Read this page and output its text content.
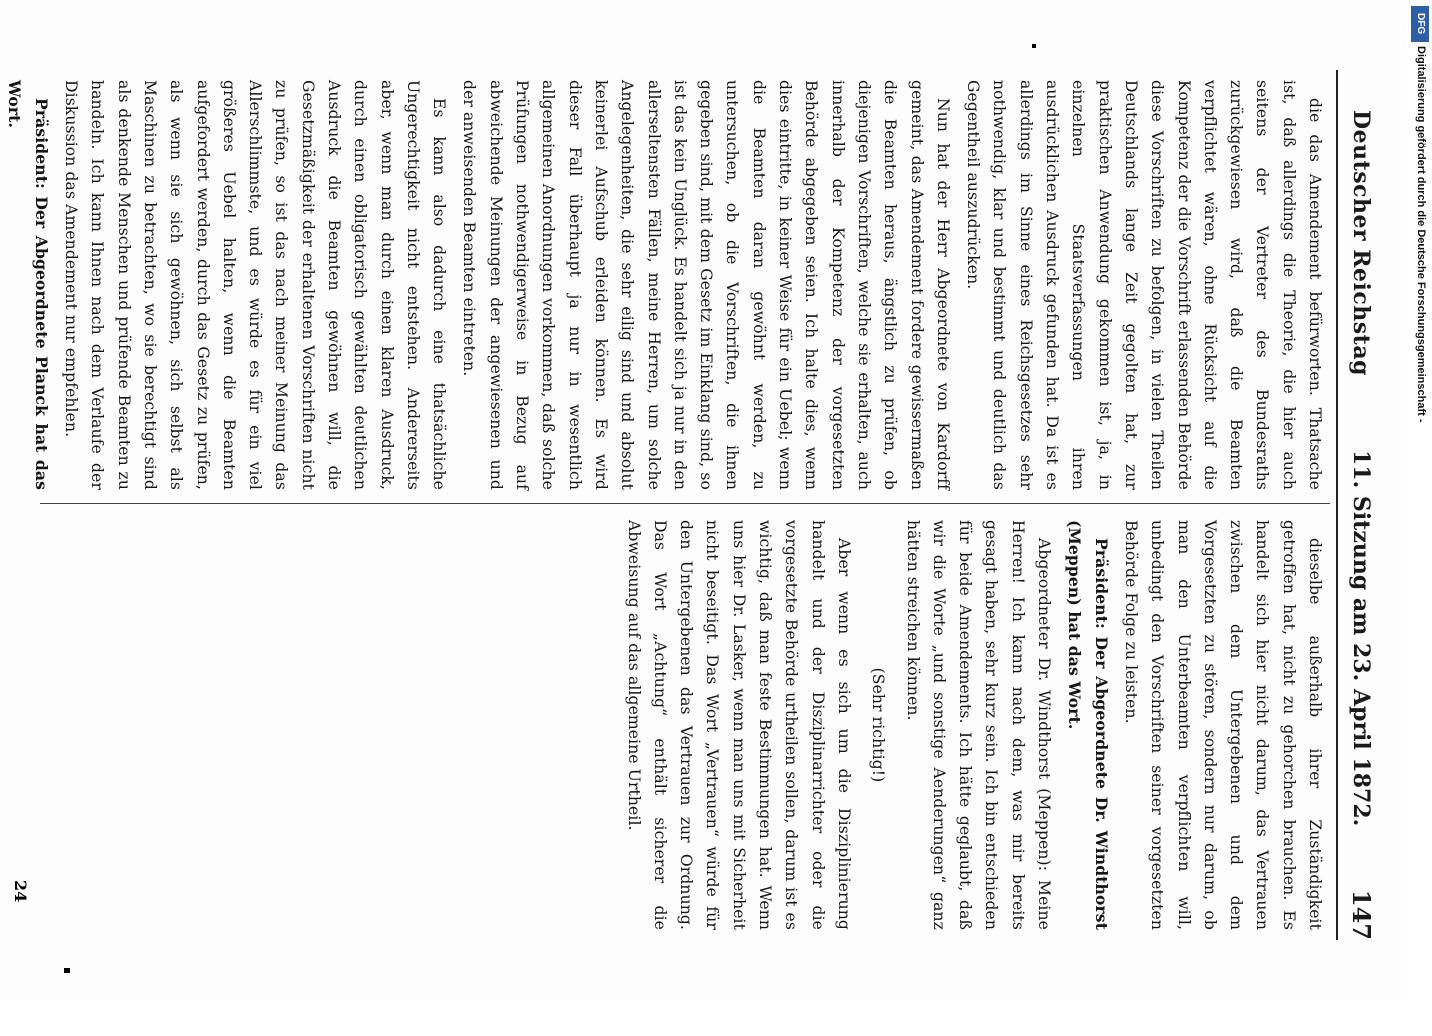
Deutscher Reichstag
11. Sitzung am 23. April 1872.
147

die das Amendement befürworten. Thatsache ist, daß allerdings die Theorie, die hier auch seitens der Vertreter des Bundesraths zurückgewiesen wird, daß die Beamten verpflichtet wären, ohne Rücksicht auf die Kompetenz der die Vorschrift erlassenden Behörde diese Vorschriften zu befolgen, in vielen Theilen Deutschlands lange Zeit gegolten hat, zur praktischen Anwendung gekommen ist, ja, in einzelnen Staatsverfassungen ihren ausdrücklichen Ausdruck gefunden hat. Da ist es allerdings im Sinne eines Reichsgesetzes sehr nothwendig, klar und bestimmt und deutlich das Gegentheil auszudrücken.

Nun hat der Herr Abgeordnete von Kardorff gemeint, das Amendement fordere gewissermaßen die Beamten heraus, ängstlich zu prüfen, ob diejenigen Vorschriften, welche sie erhalten, auch innerhalb der Kompetenz der vorgesetzten Behörde abgegeben seien. Ich halte dies, wenn dies eintritte, in keiner Weise für ein Uebel; wenn die Beamten daran gewöhnt werden, zu untersuchen, ob die Vorschriften, die ihnen gegeben sind, mit dem Gesetz im Einklang sind, so ist das kein Unglück. Es handelt sich ja nur in den allerseltensten Fällen, meine Herren, um solche Angelegenheiten, die sehr eilig sind und absolut keinerlei Aufschub erleiden können. Es wird dieser Fall überhaupt ja nur in wesentlich allgemeinen Anordnungen vorkommen, daß solche Prüfungen nothwendigerweise in Bezug auf abweichende Meinungen der angewiesenen und der anweisenden Beamten eintreten.

Es kann also dadurch eine thatsächliche Ungerechtigkeit nicht entstehen. Andererseits aber, wenn man durch einen klaren Ausdruck, durch einen obligatorisch gewählten deutlichen Ausdruck die Beamten gewöhnen will, die Gesetzmäßigkeit der erhaltenen Vorschriften nicht zu prüfen, so ist das nach meiner Meinung das Allerschlimmste, und es würde es für ein viel größeres Uebel halten, wenn die Beamten aufgefordert werden, durch das Gesetz zu prüfen, als wenn sie sich gewöhnen, sich selbst als Maschinen zu betrachten, wo sie berechtigt sind als denkende Menschen und prüfende Beamten zu handeln. Ich kann Ihnen nach dem Verlaufe der Diskussion das Amendement nur empfehlen.

Präsident: Der Abgeordnete Planck hat das Wort.

dieselbe außerhalb ihrer Zuständigkeit getroffen hat, nicht zu gehorchen brauchen. Es handelt sich hier nicht darum, das Vertrauen zwischen dem Untergebenen und dem Vorgesetzten zu stören, sondern nur darum, ob man den Unterbeamten verpflichten will, unbedingt den Vorschriften seiner vorgesetzten Behörde Folge zu leisten.

Präsident: Der Abgeordnete Dr. Windthorst (Meppen) hat das Wort.

Abgeordneter Dr. Windthorst (Meppen): Meine Herren! Ich kann nach dem, was mir bereits gesagt haben, sehr kurz sein. Ich bin entschieden für beide Amendements. Ich hätte geglaubt, daß wir die Worte „und sonstige Aenderungen“ ganz hätten streichen können.

(Sehr richtig!)

Aber wenn es sich um die Disziplinierung handelt und der Disziplinarrichter oder die vorgesetzte Behörde urtheilen sollen, darum ist es wichtig, daß man feste Bestimmungen hat. Wenn uns hier Dr. Lasker, wenn man uns mit Sicherheit nicht beseitigt. Das Wort „Vertrauen“ würde für den Untergebenen das Vertrauen zur Ordnung. Das Wort „Achtung“ enthält sicherer die Abweisung auf das allgemeine Urtheil.

24
DFG
Digitalisierung gefördert durch die Deutsche Forschungsgemeinschaft -
